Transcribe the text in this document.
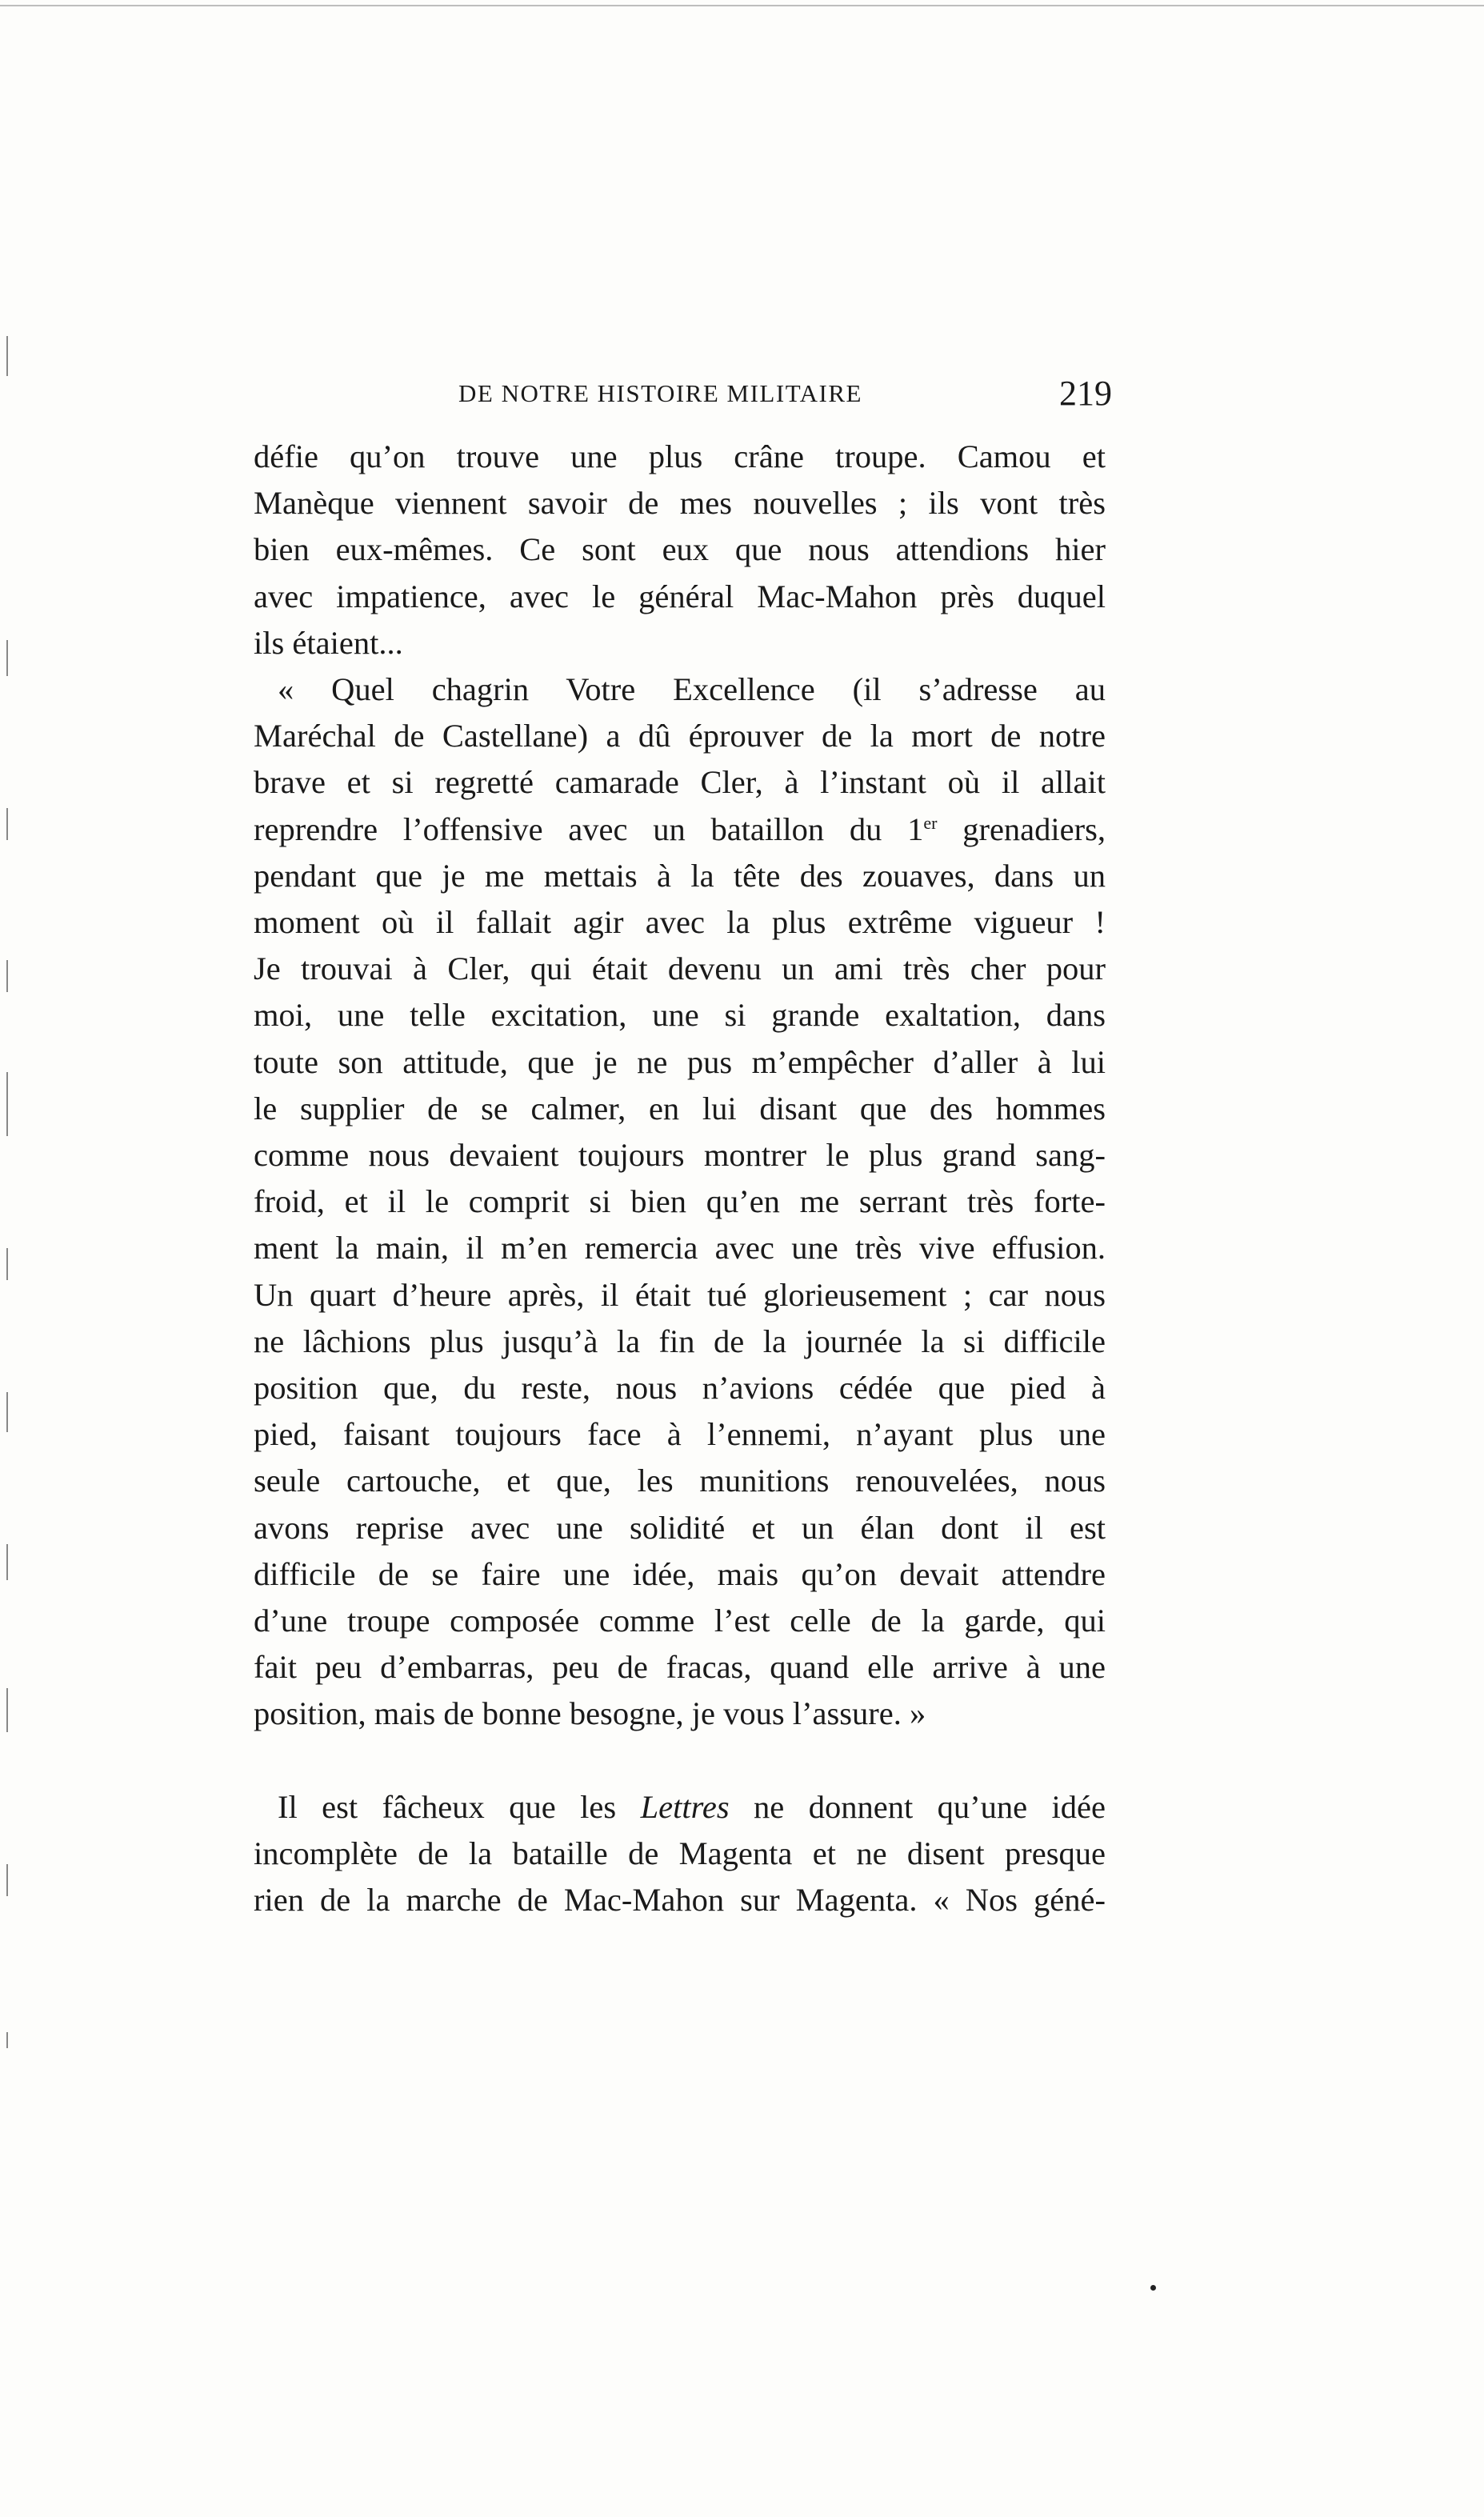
DE NOTRE HISTOIRE MILITAIRE	219

défie qu’on trouve une plus crâne troupe. Camou et
Manèque viennent savoir de mes nouvelles ; ils vont très
bien eux-mêmes. Ce sont eux que nous attendions hier
avec impatience, avec le général Mac-Mahon près duquel
ils étaient...

« Quel chagrin Votre Excellence (il s’adresse au
Maréchal de Castellane) a dû éprouver de la mort de notre
brave et si regretté camarade Cler, à l’instant où il allait
reprendre l’offensive avec un bataillon du 1er grenadiers,
pendant que je me mettais à la tête des zouaves, dans un
moment où il fallait agir avec la plus extrême vigueur !
Je trouvai à Cler, qui était devenu un ami très cher pour
moi, une telle excitation, une si grande exaltation, dans
toute son attitude, que je ne pus m’empêcher d’aller à lui
le supplier de se calmer, en lui disant que des hommes
comme nous devaient toujours montrer le plus grand sang-
froid, et il le comprit si bien qu’en me serrant très forte-
ment la main, il m’en remercia avec une très vive effusion.
Un quart d’heure après, il était tué glorieusement ; car nous
ne lâchions plus jusqu’à la fin de la journée la si difficile
position que, du reste, nous n’avions cédée que pied à
pied, faisant toujours face à l’ennemi, n’ayant plus une
seule cartouche, et que, les munitions renouvelées, nous
avons reprise avec une solidité et un élan dont il est
difficile de se faire une idée, mais qu’on devait attendre
d’une troupe composée comme l’est celle de la garde, qui
fait peu d’embarras, peu de fracas, quand elle arrive à une
position, mais de bonne besogne, je vous l’assure. »

Il est fâcheux que les Lettres ne donnent qu’une idée
incomplète de la bataille de Magenta et ne disent presque
rien de la marche de Mac-Mahon sur Magenta. « Nos géné-
